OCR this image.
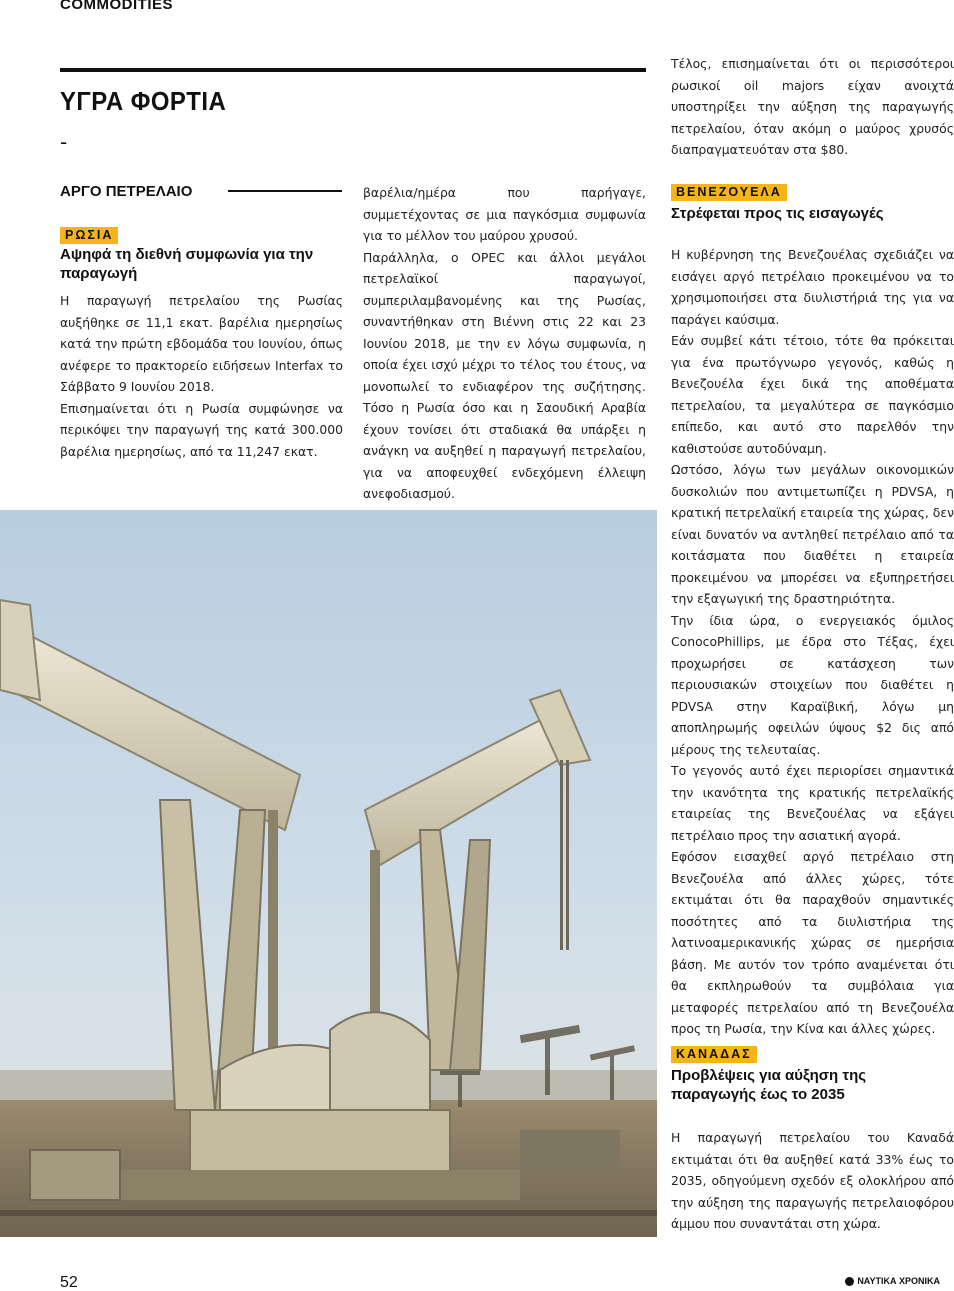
COMMODITIES
ΥΓΡΑ ΦΟΡΤΙΑ
-
ΑΡΓΟ ΠΕΤΡΕΛΑΙΟ
ΡΩΣΙΑ
Αψηφά τη διεθνή συμφωνία για την παραγωγή

Η παραγωγή πετρελαίου της Ρωσίας αυξήθηκε σε 11,1 εκατ. βαρέλια ημερησίως κατά την πρώτη εβδομάδα του Ιουνίου, όπως ανέφερε το πρακτορείο ειδήσεων Interfax το Σάββατο 9 Ιουνίου 2018.

Επισημαίνεται ότι η Ρωσία συμφώνησε να περικόψει την παραγωγή της κατά 300.000 βαρέλια ημερησίως, από τα 11,247 εκατ.

βαρέλια/ημέρα που παρήγαγε, συμμετέχοντας σε μια παγκόσμια συμφωνία για το μέλλον του μαύρου χρυσού.

Παράλληλα, ο OPEC και άλλοι μεγάλοι πετρελαϊκοί παραγωγοί, συμπεριλαμβανομένης και της Ρωσίας, συναντήθηκαν στη Βιέννη στις 22 και 23 Ιουνίου 2018, με την εν λόγω συμφωνία, η οποία έχει ισχύ μέχρι το τέλος του έτους, να μονοπωλεί το ενδιαφέρον της συζήτησης. Τόσο η Ρωσία όσο και η Σαουδική Αραβία έχουν τονίσει ότι σταδιακά θα υπάρξει η ανάγκη να αυξηθεί η παραγωγή πετρελαίου, για να αποφευχθεί ενδεχόμενη έλλειψη ανεφοδιασμού.

Τέλος, επισημαίνεται ότι οι περισσότεροι ρωσικοί oil majors είχαν ανοιχτά υποστηρίξει την αύξηση της παραγωγής πετρελαίου, όταν ακόμη ο μαύρος χρυσός διαπραγματευόταν στα $80.

ΒΕΝΕΖΟΥΕΛΑ
Στρέφεται προς τις εισαγωγές

Η κυβέρνηση της Βενεζουέλας σχεδιάζει να εισάγει αργό πετρέλαιο προκειμένου να το χρησιμοποιήσει στα διυλιστήριά της για να παράγει καύσιμα.

Εάν συμβεί κάτι τέτοιο, τότε θα πρόκειται για ένα πρωτόγνωρο γεγονός, καθώς η Βενεζουέλα έχει δικά της αποθέματα πετρελαίου, τα μεγαλύτερα σε παγκόσμιο επίπεδο, και αυτό στο παρελθόν την καθιστούσε αυτοδύναμη.

Ωστόσο, λόγω των μεγάλων οικονομικών δυσκολιών που αντιμετωπίζει η PDVSA, η κρατική πετρελαϊκή εταιρεία της χώρας, δεν είναι δυνατόν να αντληθεί πετρέλαιο από τα κοιτάσματα που διαθέτει η εταιρεία προκειμένου να μπορέσει να εξυπηρετήσει την εξαγωγική της δραστηριότητα.

Την ίδια ώρα, ο ενεργειακός όμιλος ConocoPhillips, με έδρα στο Τέξας, έχει προχωρήσει σε κατάσχεση των περιουσιακών στοιχείων που διαθέτει η PDVSA στην Καραϊβική, λόγω μη αποπληρωμής οφειλών ύψους $2 δις από μέρους της τελευταίας.

Το γεγονός αυτό έχει περιορίσει σημαντικά την ικανότητα της κρατικής πετρελαϊκής εταιρείας της Βενεζουέλας να εξάγει πετρέλαιο προς την ασιατική αγορά.

Εφόσον εισαχθεί αργό πετρέλαιο στη Βενεζουέλα από άλλες χώρες, τότε εκτιμάται ότι θα παραχθούν σημαντικές ποσότητες από τα διυλιστήρια της λατινοαμερικανικής χώρας σε ημερήσια βάση. Με αυτόν τον τρόπο αναμένεται ότι θα εκπληρωθούν τα συμβόλαια για μεταφορές πετρελαίου από τη Βενεζουέλα προς τη Ρωσία, την Κίνα και άλλες χώρες.

ΚΑΝΑΔΑΣ
Προβλέψεις για αύξηση της παραγωγής έως το 2035

Η παραγωγή πετρελαίου του Καναδά εκτιμάται ότι θα αυξηθεί κατά 33% έως το 2035, οδηγούμενη σχεδόν εξ ολοκλήρου από την αύξηση της παραγωγής πετρελαιοφόρου άμμου που συναντάται στη χώρα.

52	ΝΑΥΤΙΚΑ ΧΡΟΝΙΚΑ
